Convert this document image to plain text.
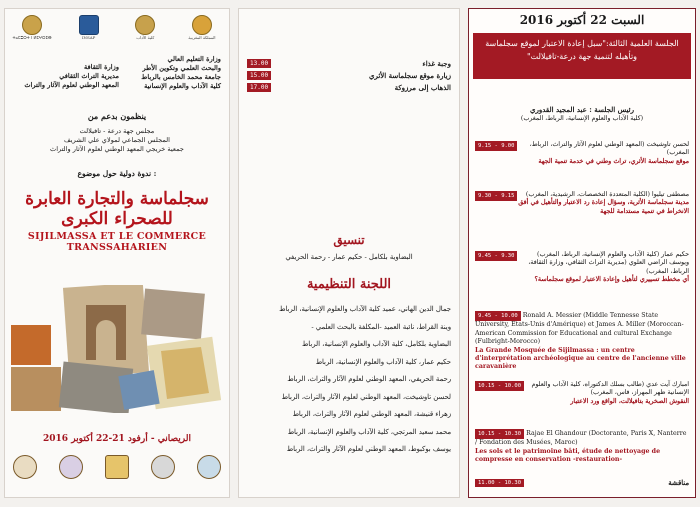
ⵜⴰⵎⵓⵔⵜ ⵏ ⵍⵎⵖⵔⵉⴱ	INSAP	كلية الآداب	المملكة المغربية
وزارة التعليم العالي
والبحث العلمي وتكوين الأطر
جامعة محمد الخامس بالرباط
كلية الآداب والعلوم الإنسانية
وزارة الثقافة
مديرية التراث الثقافي
المعهد الوطني لعلوم الآثار والتراث
ينظمون بدعم من
مجلس جهة درعة - تافيلالت
المجلس الجماعي لمولاي علي الشريف
جمعية خريجي المعهد الوطني لعلوم الآثار والتراث
ندوة دولية حول موضوع :
سجلماسة والتجارة العابرة للصحراء الكبرى
SIJILMASSA ET LE COMMERCE TRANSSAHARIEN
الريصاني - أرفود 21-22 أكتوبر 2016
13.00	وجبة غذاء
15.00	زيارة موقع سجلماسة الأثري
17.00	الذهاب إلى مرزوكة
تنسيق
البضاوية بلكامل - حكيم عمار - رحمة الحريفي
اللجنة التنظيمية

جمال الدين الهاني، عميد كلية الآداب والعلوم الإنسانية، الرباط

وينة القراط، نائبة العميد -المكلفة بالبحث العلمي -

البضاوية بلكامل، كلية الآداب والعلوم الإنسانية، الرباط

حكيم عمار، كلية الآداب والعلوم الإنسانية، الرباط

رحمة الحريفي، المعهد الوطني لعلوم الآثار والتراث، الرباط

لحسن تاوشيخت، المعهد الوطني لعلوم الآثار والتراث، الرباط

زهراء قنيشة، المعهد الوطني لعلوم الآثار والتراث، الرباط

محمد سعيد المرتجي، كلية الآداب والعلوم الإنسانية، الرباط

يوسف بوكبوط، المعهد الوطني لعلوم الآثار والتراث، الرباط

السبت 22 أكتوبر 2016
الجلسة العلمية الثالثة:"سبل إعادة الاعتبار لموقع سجلماسة وتأهيله لتنمية جهة درعة-تافيلالت"
رئيس الجلسة : عبد المجيد القدوري
(كلية الآداب والعلوم الإنسانية، الرباط، المغرب)
9.00 - 9.15	لحسن تاوشيخت (المعهد الوطني لعلوم الآثار والتراث، الرباط، المغرب)
موقع سجلماسة الأثري، تراث وطني في خدمة تنمية الجهة
9.15 - 9.30	مصطفى تيليوا (الكلية المتعددة التخصصات، الرشيدية، المغرب)
مدينة سجلماسة الأثرية، وسؤال إعادة رد الاعتبار والتأهيل في أفق الانخراط في تنمية مستدامة للجهة
9.30 - 9.45	حكيم عمار (كلية الآداب والعلوم الإنسانية، الرباط، المغرب) ويوسف الراضي العلوي (مديرية التراث الثقافي، وزارة الثقافة، الرباط، المغرب)
أي مخطط تسييري لتأهيل وإعادة الاعتبار لموقع سجلماسة؟
9.45 - 10.00 Ronald A. Messier (Middle Tennesse State University, Etats-Unis d'Amérique) et James A. Miller (Moroccan-American Commission for Educational and cultural Exchange (Fulbright-Morocco)
La Grande Mosquée de Sijilmassa : un centre d'interprétation archéologique au centre de l'ancienne ville caravanière
10.00 - 10.15	امبارك آيت عدي (طالب بسلك الدكتوراه، كلية الآداب والعلوم الإنسانية ظهر المهراز، فاس، المغرب)
النقوش الصخرية بتافيلالت، الواقع ورد الاعتبار
10.15 - 10.30 Rajae El Ghandour (Doctorante, Paris X, Nanterre / Fondation des Musées, Maroc)
Les sols et le patrimoine bâti, étude de nettoyage de compresse en conservation -restauration-
10.30 - 11.00	مناقشة
